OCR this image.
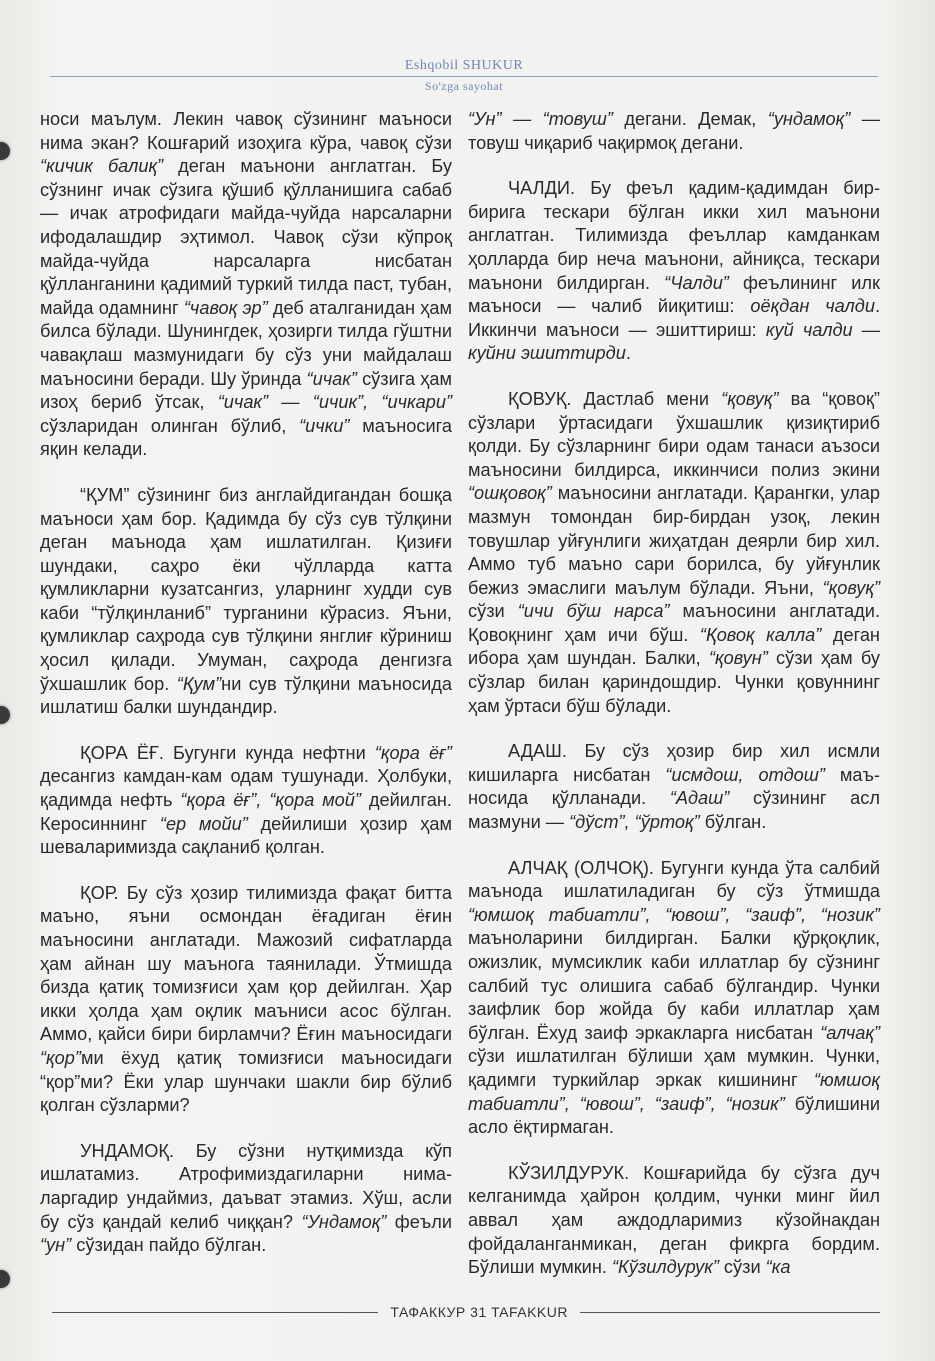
Eshqobil SHUKUR
So'zga sayohat

носи маълум. Лекин чавоқ сўзининг маъноси нима экан? Кошғарий изоҳига кўра, чавоқ сўзи “кичик балиқ” деган маънони англатган. Бу сўзнинг ичак сўзига қўшиб қўлланишига сабаб — ичак атрофидаги майда-чуйда нарсаларни ифодалашдир эҳтимол. Чавоқ сўзи кўпроқ майда-чуйда нарсаларга нисбатан қўлланганини қадимий туркий тилда паст, тубан, майда одамнинг “чавоқ эр” деб аталганидан ҳам билса бўлади. Шунингдек, ҳозирги тилда гўштни чавақлаш мазмунидаги бу сўз уни майдалаш маъносини беради. Шу ўринда “ичак” сўзига ҳам изоҳ бериб ўтсак, “ичак” — “ичик”, “ичкари” сўзларидан олинган бўлиб, “ички” маъносига яқин келади.

“ҚУМ” сўзининг биз англайдигандан бошқа маъноси ҳам бор. Қадимда бу сўз сув тўлқини деган маънода ҳам ишлатилган. Қизиғи шундаки, саҳро ёки чўлларда катта қумликларни кузатсангиз, уларнинг худди сув каби “тўлқинланиб” турганини кўрасиз. Яъни, қумликлар саҳрода сув тўлқини янглиғ кўриниш ҳосил қилади. Умуман, саҳрода денгизга ўхшашлик бор. “Қум”ни сув тўлқини маъносида ишлатиш балки шундандир.

ҚОРА ЁҒ. Бугунги кунда нефтни “қора ёғ” десангиз камдан-кам одам тушунади. Ҳолбуки, қадимда нефть “қора ёғ”, “қора мой” дейилган. Керосиннинг “ер мойи” дейилиши ҳозир ҳам шеваларимизда сақланиб қолган.

ҚОР. Бу сўз ҳозир тилимизда фақат битта маъно, яъни осмондан ёғадиган ёғин маъносини англатади. Мажозий сифатларда ҳам айнан шу маънога таянилади. Ўтмишда бизда қатиқ томизғиси ҳам қор дейилган. Ҳар икки ҳолда ҳам оқлик маъниси асос бўлган. Аммо, қайси бири бирламчи? Ёғин маъносидаги “қор”ми ёхуд қатиқ томизғиси маъносидаги “қор”ми? Ёки улар шунчаки шакли бир бўлиб қолган сўзларми?

УНДАМОҚ. Бу сўзни нутқимизда кўп ишлатамиз. Атрофимиздагиларни нималаргадир ундаймиз, даъват этамиз. Хўш, асли бу сўз қандай келиб чиққан? “Ундамоқ” феъли “ун” сўзидан пайдо бўлган.

“Ун” — “товуш” дегани. Демак, “ундамоқ” — товуш чиқариб чақирмоқ дегани.

ЧАЛДИ. Бу феъл қадим-қадимдан бирбирига тескари бўлган икки хил маънони англатган. Тилимизда феъллар камданкам ҳолларда бир неча маънони, айниқса, тескари маънони билдирган. “Чалди” феълининг илк маъноси — чалиб йиқитиш: оёқдан чалди. Иккинчи маъноси — эшиттириш: куй чалди — куйни эшиттирди.

ҚОВУҚ. Дастлаб мени “қовуқ” ва “қовоқ” сўзлари ўртасидаги ўхшашлик қизиқтириб қолди. Бу сўзларнинг бири одам танаси аъзоси маъносини билдирса, иккинчиси полиз экини “ошқовоқ” маъносини англатади. Қарангки, улар мазмун томондан бир-бирдан узоқ, лекин товушлар уйғунлиги жиҳатдан деярли бир хил. Аммо туб маъно сари борилса, бу уйғунлик бежиз эмаслиги маълум бўлади. Яъни, “қовуқ” сўзи “ичи бўш нарса” маъносини англатади. Қовоқнинг ҳам ичи бўш. “Қовоқ калла” деган ибора ҳам шундан. Балки, “қовун” сўзи ҳам бу сўзлар билан қариндошдир. Чунки қовуннинг ҳам ўртаси бўш бўлади.

АДАШ. Бу сўз ҳозир бир хил исмли кишиларга нисбатан “исмдош, отдош” маъносида қўлланади. “Адаш” сўзининг асл мазмуни — “дўст”, “ўртоқ” бўлган.

АЛЧАҚ (ОЛЧОҚ). Бугунги кунда ўта салбий маънода ишлатиладиган бу сўз ўтмишда “юмшоқ табиатли”, “ювош”, “заиф”, “нозик” маъноларини билдирган. Балки қўрқоқлик, ожизлик, мумсиклик каби иллатлар бу сўзнинг салбий тус олишига сабаб бўлгандир. Чунки заифлик бор жойда бу каби иллатлар ҳам бўлган. Ёхуд заиф эркакларга нисбатан “алчақ” сўзи ишлатилган бўлиши ҳам мумкин. Чунки, қадимги туркийлар эркак кишининг “юмшоқ табиатли”, “ювош”, “заиф”, “нозик” бўлишини асло ёқтирмаган.

КЎЗИЛДУРУК. Кошғарийда бу сўзга дуч келганимда ҳайрон қолдим, чунки минг йил аввал ҳам аждодларимиз кўзойнакдан фойдаланганмикан, деган фикрга бордим. Бўлиши мумкин. “Кўзилдурук” сўзи “ка

ТАФАККУР 31 TAFAKKUR
